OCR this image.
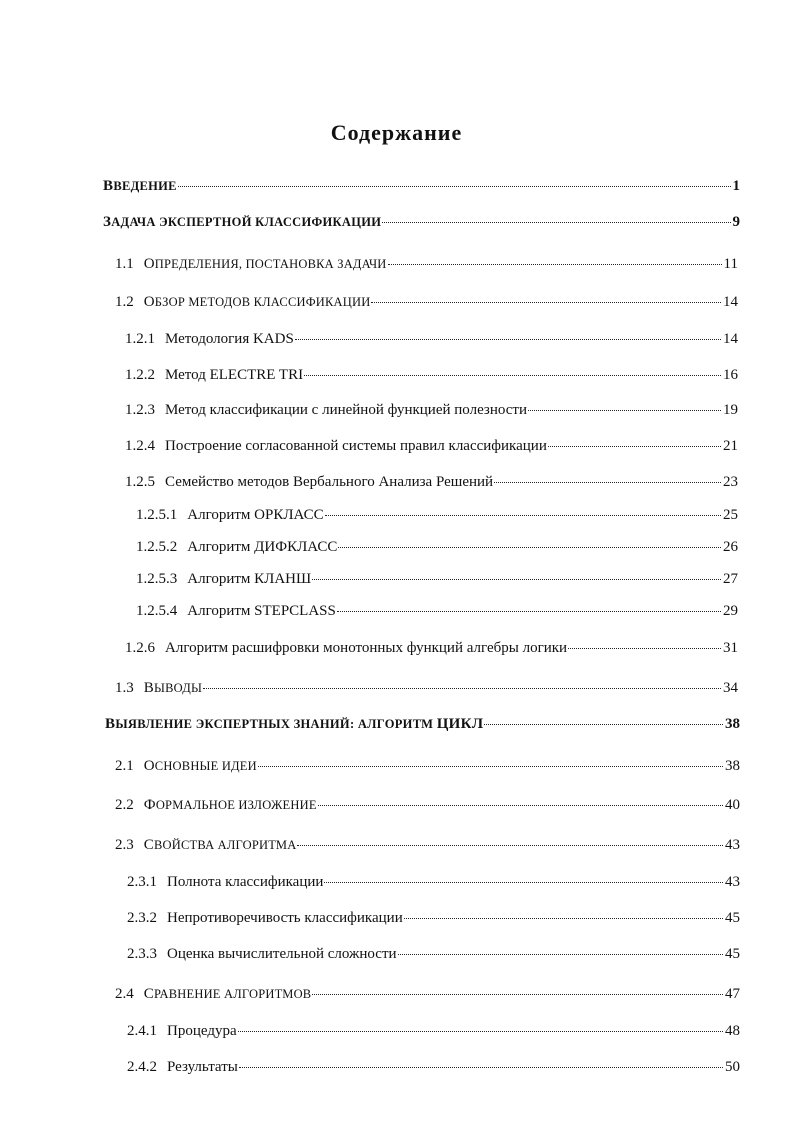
Содержание
ВВЕДЕНИЕ	1
ЗАДАЧА ЭКСПЕРТНОЙ КЛАССИФИКАЦИИ	9
1.1 ОПРЕДЕЛЕНИЯ, ПОСТАНОВКА ЗАДАЧИ	11
1.2 ОБЗОР МЕТОДОВ КЛАССИФИКАЦИИ	14
1.2.1 Методология KADS	14
1.2.2 Метод ELECTRE TRI	16
1.2.3 Метод классификации с линейной функцией полезности	19
1.2.4 Построение согласованной системы правил классификации	21
1.2.5 Семейство методов Вербального Анализа Решений	23
1.2.5.1 Алгоритм ОРКЛАСС	25
1.2.5.2 Алгоритм ДИФКЛАСС	26
1.2.5.3 Алгоритм КЛАНШ	27
1.2.5.4 Алгоритм STEPCLASS	29
1.2.6 Алгоритм расшифровки монотонных функций алгебры логики	31
1.3 ВЫВОДЫ	34
ВЫЯВЛЕНИЕ ЭКСПЕРТНЫХ ЗНАНИЙ: АЛГОРИТМ ЦИКЛ	38
2.1 ОСНОВНЫЕ ИДЕИ	38
2.2 ФОРМАЛЬНОЕ ИЗЛОЖЕНИЕ	40
2.3 СВОЙСТВА АЛГОРИТМА	43
2.3.1 Полнота классификации	43
2.3.2 Непротиворечивость классификации	45
2.3.3 Оценка вычислительной сложности	45
2.4 СРАВНЕНИЕ АЛГОРИТМОВ	47
2.4.1 Процедура	48
2.4.2 Результаты	50
